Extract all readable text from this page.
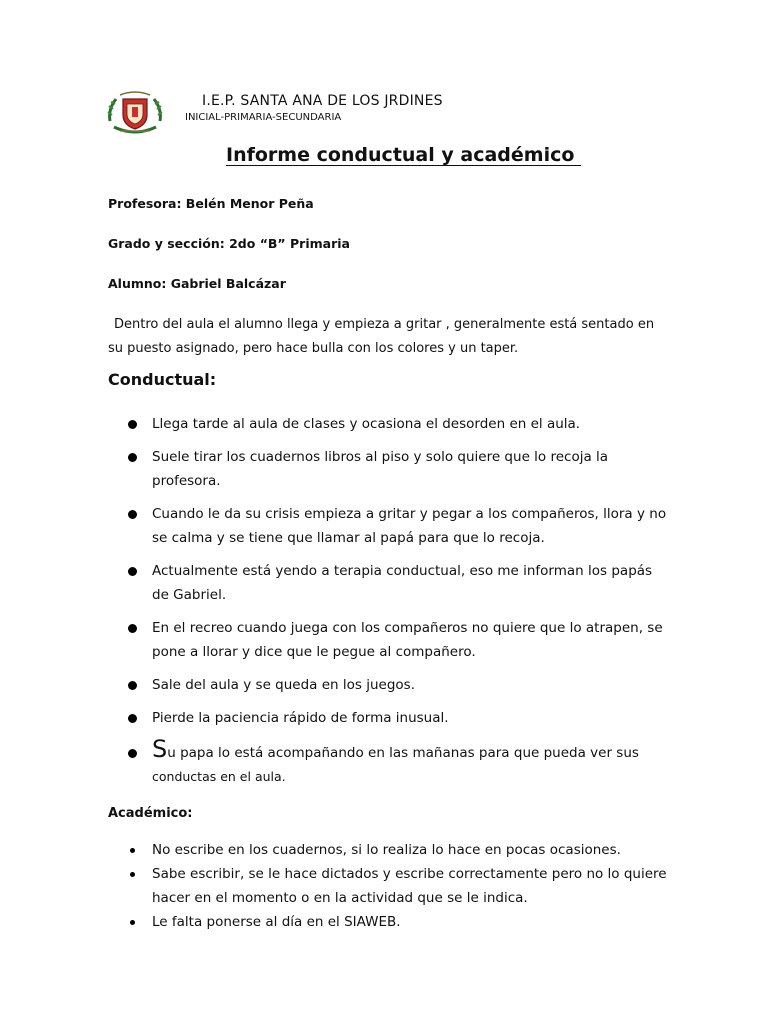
I.E.P. SANTA ANA DE LOS JRDINES
INICIAL-PRIMARIA-SECUNDARIA
Informe conductual y académico
Profesora: Belén Menor Peña
Grado y sección: 2do “B” Primaria
Alumno: Gabriel Balcázar
Dentro del aula el alumno llega y empieza a gritar , generalmente está sentado en su puesto asignado, pero hace bulla con los colores y un taper.
Conductual:
Llega tarde al aula de clases y ocasiona el desorden en el aula.
Suele tirar los cuadernos libros al piso y solo quiere que lo recoja la profesora.
Cuando le da su crisis empieza a gritar y pegar a los compañeros, llora y no se calma y se tiene que llamar al papá para que lo recoja.
Actualmente está yendo a terapia conductual, eso me informan los papás de Gabriel.
En el recreo cuando juega con los compañeros no quiere que lo atrapen, se pone a llorar y dice que le pegue al compañero.
Sale del aula y se queda en los juegos.
Pierde la paciencia rápido de forma inusual.
Su papa lo está acompañando en las mañanas para que pueda ver sus
conductas en el aula.
Académico:
No escribe en los cuadernos, si lo realiza lo hace en pocas ocasiones.
Sabe escribir, se le hace dictados y escribe correctamente pero no lo quiere hacer en el momento o en la actividad que se le indica.
Le falta ponerse al día en el SIAWEB.
